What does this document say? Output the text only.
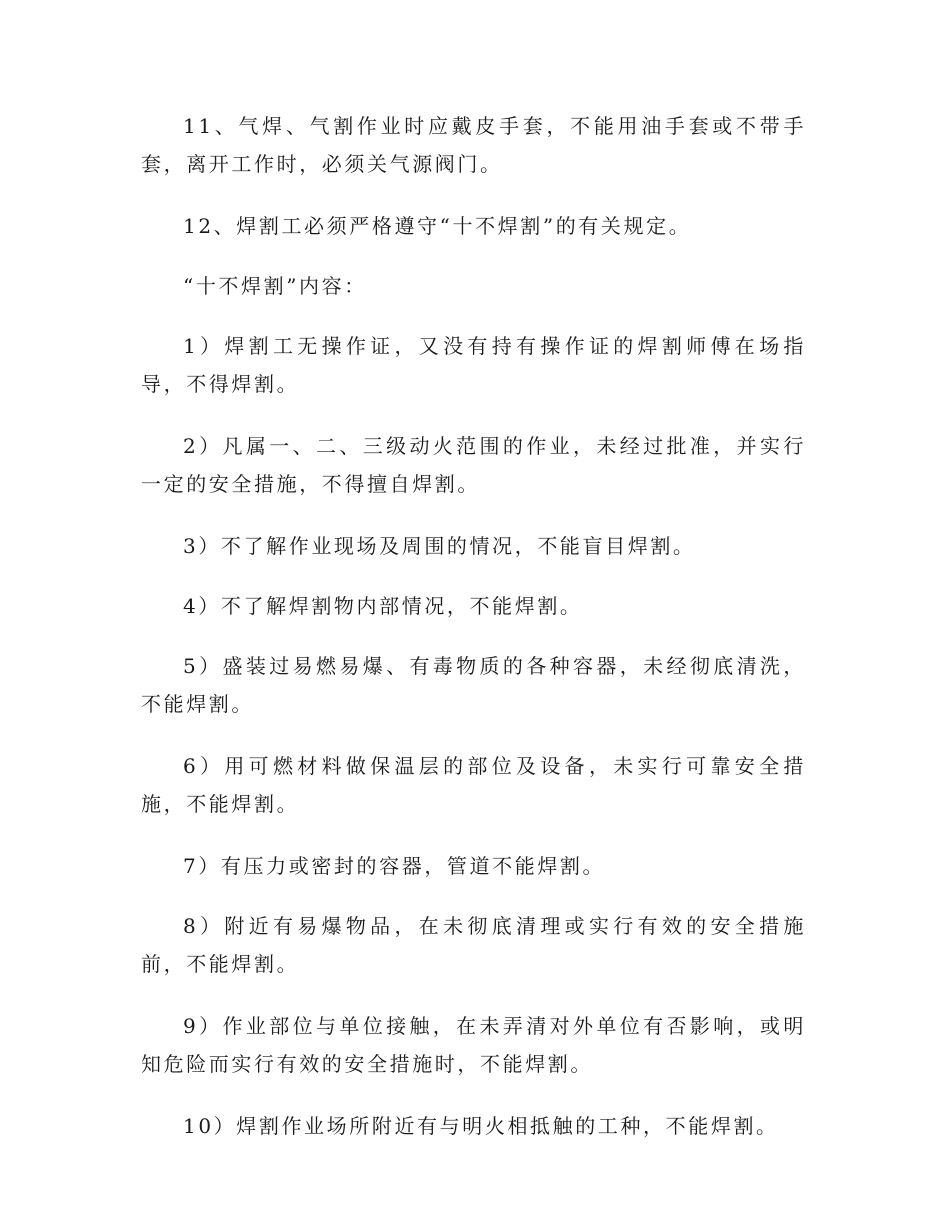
11、气焊、气割作业时应戴皮手套，不能用油手套或不带手套，离开工作时，必须关气源阀门。

12、焊割工必须严格遵守“十不焊割”的有关规定。

“十不焊割”内容：

1）焊割工无操作证，又没有持有操作证的焊割师傅在场指导，不得焊割。

2）凡属一、二、三级动火范围的作业，未经过批准，并实行一定的安全措施，不得擅自焊割。

3）不了解作业现场及周围的情况，不能盲目焊割。

4）不了解焊割物内部情况，不能焊割。

5）盛装过易燃易爆、有毒物质的各种容器，未经彻底清洗，不能焊割。

6）用可燃材料做保温层的部位及设备，未实行可靠安全措施，不能焊割。

7）有压力或密封的容器，管道不能焊割。

8）附近有易爆物品，在未彻底清理或实行有效的安全措施前，不能焊割。

9）作业部位与单位接触，在未弄清对外单位有否影响，或明知危险而实行有效的安全措施时，不能焊割。

10）焊割作业场所附近有与明火相抵触的工种，不能焊割。
